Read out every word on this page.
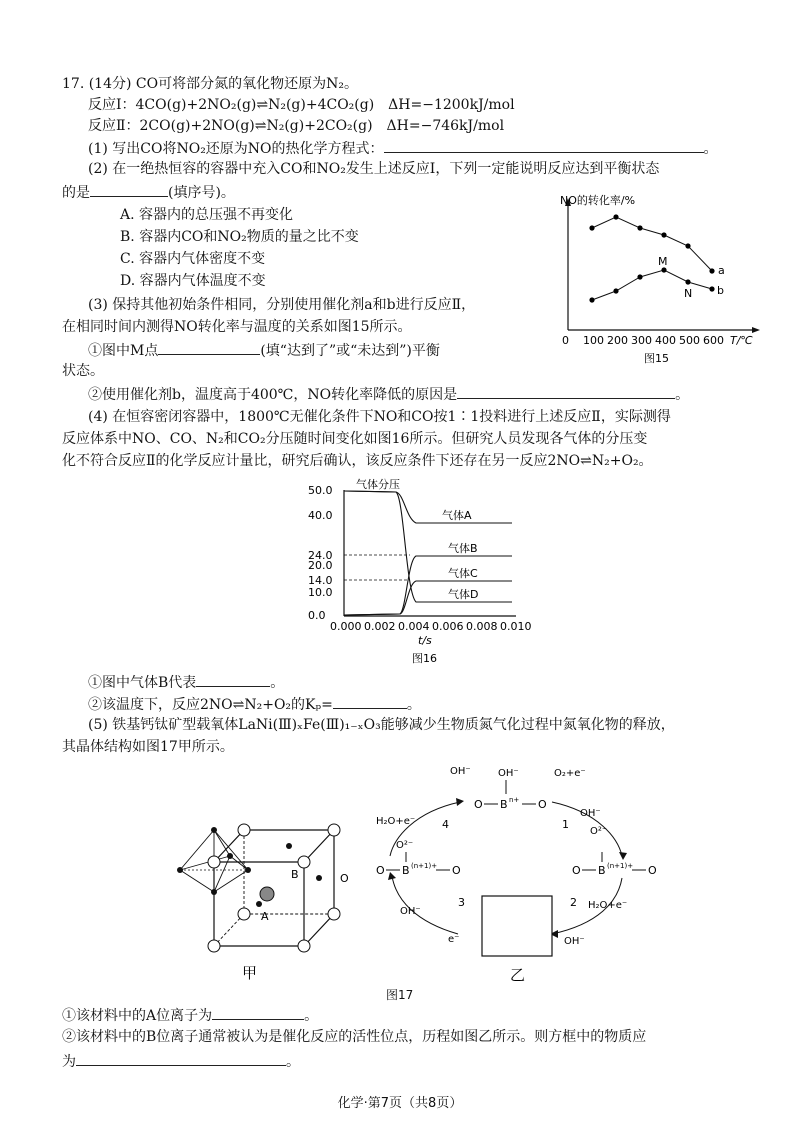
17. (14分) CO可将部分氮的氧化物还原为N₂。
反应Ⅰ：4CO(g)+2NO₂(g)⇌N₂(g)+4CO₂(g)　ΔH=−1200kJ/mol
反应Ⅱ：2CO(g)+2NO(g)⇌N₂(g)+2CO₂(g)　ΔH=−746kJ/mol
(1) 写出CO将NO₂还原为NO的热化学方程式：	。
(2) 在一绝热恒容的容器中充入CO和NO₂发生上述反应Ⅰ，下列一定能说明反应达到平衡状态
的是	(填序号)。
A. 容器内的总压强不再变化
B. 容器内CO和NO₂物质的量之比不变
C. 容器内气体密度不变
D. 容器内气体温度不变
(3) 保持其他初始条件相同，分别使用催化剂a和b进行反应Ⅱ，
在相同时间内测得NO转化率与温度的关系如图15所示。
①图中M点	(填“达到了”或“未达到”)平衡
状态。
②使用催化剂b，温度高于400℃，NO转化率降低的原因是	。
(4) 在恒容密闭容器中，1800℃无催化条件下NO和CO按1∶1投料进行上述反应Ⅱ，实际测得
反应体系中NO、CO、N₂和CO₂分压随时间变化如图16所示。但研究人员发现各气体的分压变
化不符合反应Ⅱ的化学反应计量比，研究后确认，该反应条件下还存在另一反应2NO⇌N₂+O₂。
①图中气体B代表	。
②该温度下，反应2NO⇌N₂+O₂的Kₚ=	。
(5) 铁基钙钛矿型载氧体LaNi(Ⅲ)ₓFe(Ⅲ)₁₋ₓO₃能够减少生物质氮气化过程中氮氧化物的释放，
其晶体结构如图17甲所示。
①该材料中的A位离子为	。
②该材料中的B位离子通常被认为是催化反应的活性位点，历程如图乙所示。则方框中的物质应
为	。
NO的转化率/%
0 100 200 300 400 500 600 T/℃
a
b
M
N
图15
气体分压
50.0
40.0
24.0
20.0
14.0
10.0
0.0
气体A
气体B
气体C
气体D
0.000 0.002 0.004 0.006 0.008 0.010
t/s
图16
A
B	O
甲
OH⁻
O B n+ O
O₂+e⁻
H₂O+e⁻
OH⁻
4	1
OH⁻
O²⁻
O²⁻
O B (n+1)+ O	O B (n+1)+ O
OH⁻
3
e⁻
2 H₂O+e⁻
OH⁻
乙
图17
化学·第7页（共8页）
